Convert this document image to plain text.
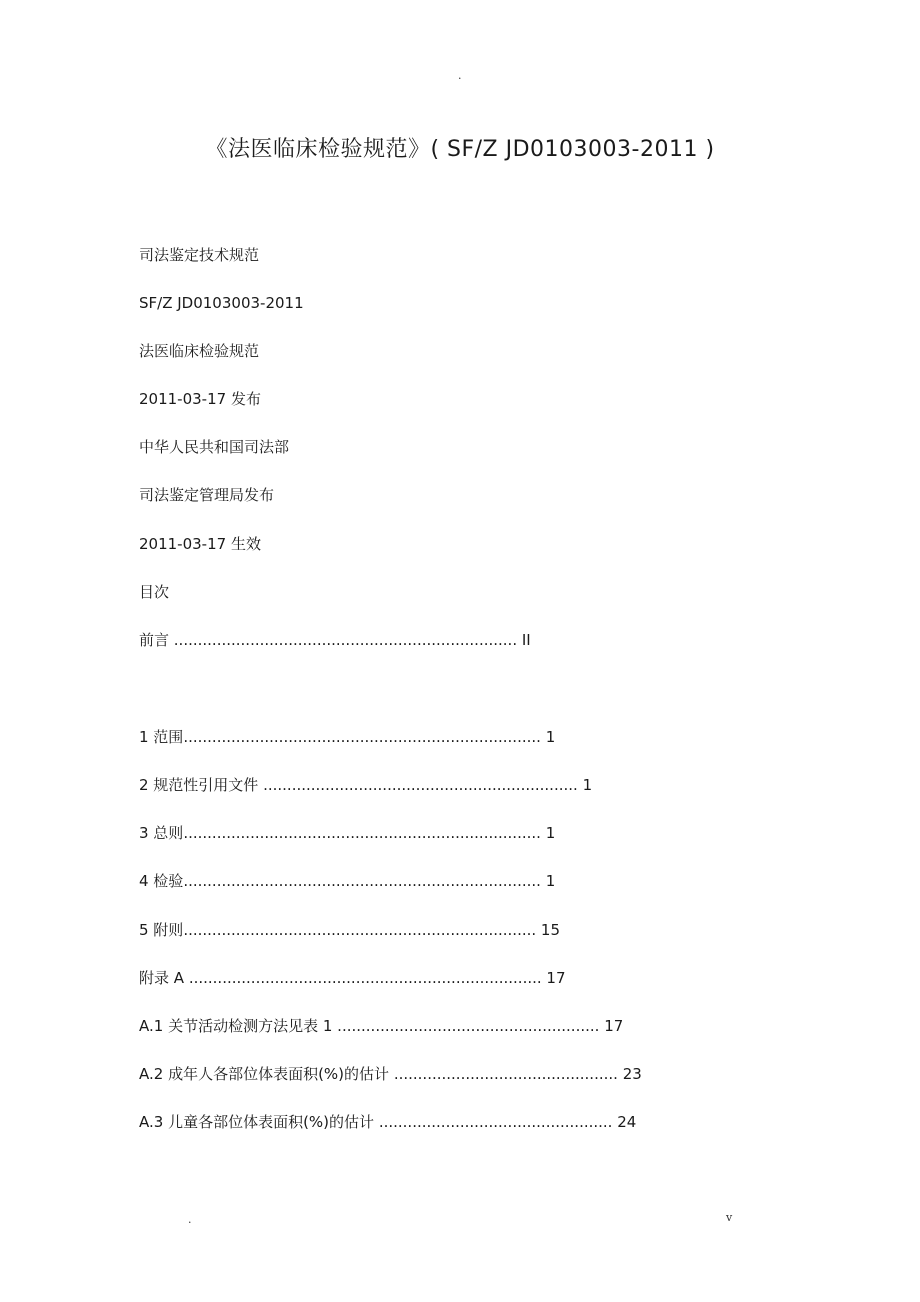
.
《法医临床检验规范》( SF/Z JD0103003-2011 )
司法鉴定技术规范
SF/Z JD0103003-2011
法医临床检验规范
2011-03-17 发布
中华人民共和国司法部
司法鉴定管理局发布
2011-03-17 生效
目次
前言 ........................................................................ II
1 范围........................................................................... 1
2 规范性引用文件 .................................................................. 1
3 总则........................................................................... 1
4 检验........................................................................... 1
5 附则.......................................................................... 15
附录 A .......................................................................... 17
A.1 关节活动检测方法见表 1 ....................................................... 17
A.2 成年人各部位体表面积(%)的估计 ............................................... 23
A.3 儿童各部位体表面积(%)的估计 ................................................. 24
.	v
